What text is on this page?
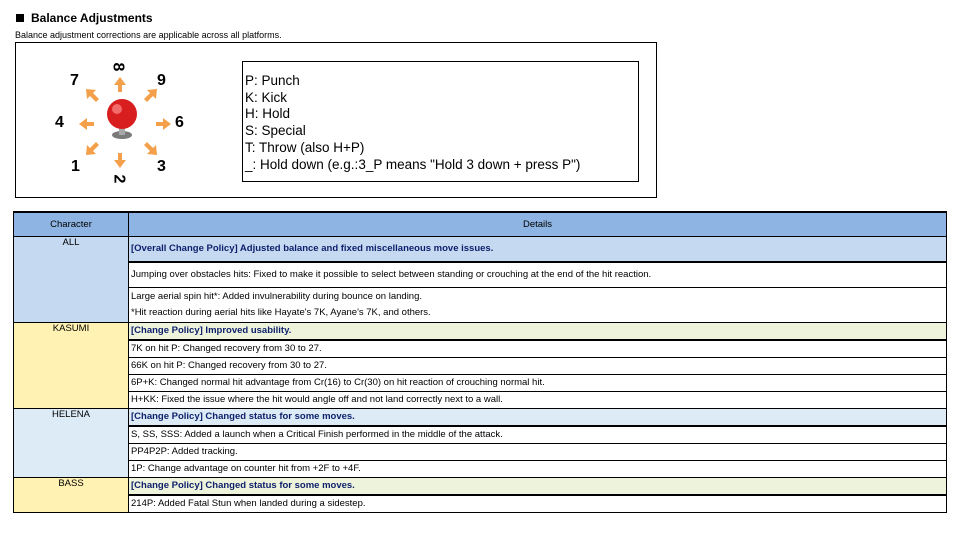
Balance Adjustments
Balance adjustment corrections are applicable across all platforms.
7
8
9
4	6
1
2
3
P: Punch
K: Kick
H: Hold
S: Special
T: Throw (also H+P)
_: Hold down (e.g.:3_P means "Hold 3 down + press P")
Character	Details
ALL	[Overall Change Policy] Adjusted balance and fixed miscellaneous move issues.
	Jumping over obstacles hits: Fixed to make it possible to select between standing or crouching at the end of the hit reaction.

	Large aerial spin hit*: Added invulnerability during bounce on landing.
*Hit reaction during aerial hits like Hayate's 7K, Ayane's 7K, and others.

KASUMI	[Change Policy] Improved usability.
	7K on hit P: Changed recovery from 30 to 27.
	66K on hit P: Changed recovery from 30 to 27.
	6P+K: Changed normal hit advantage from Cr(16) to Cr(30) on hit reaction of crouching normal hit.
	H+KK: Fixed the issue where the hit would angle off and not land correctly next to a wall.
HELENA	[Change Policy] Changed status for some moves.
	S, SS, SSS: Added a launch when a Critical Finish performed in the middle of the attack.
	PP4P2P: Added tracking.
	1P: Change advantage on counter hit from +2F to +4F.
BASS	[Change Policy] Changed status for some moves.
	214P: Added Fatal Stun when landed during a sidestep.
